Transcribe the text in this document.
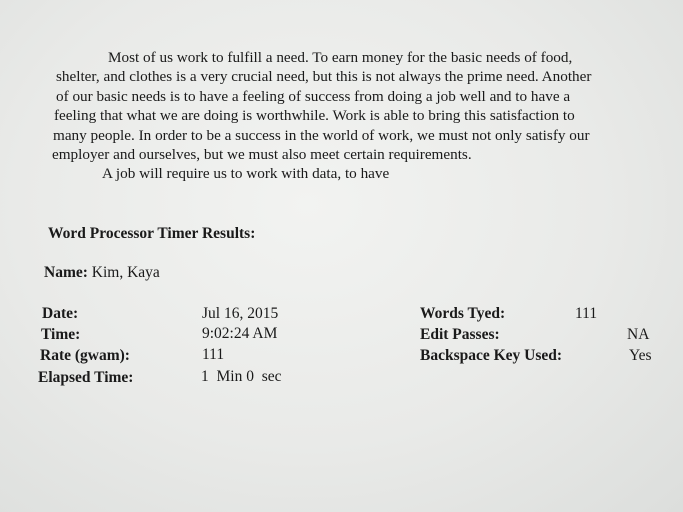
Most of us work to fulfill a need. To earn money for the basic needs of food,
shelter, and clothes is a very crucial need, but this is not always the prime need. Another
of our basic needs is to have a feeling of success from doing a job well and to have a
feeling that what we are doing is worthwhile. Work is able to bring this satisfaction to
many people. In order to be a success in the world of work, we must not only satisfy our
employer and ourselves, but we must also meet certain requirements.
A job will require us to work with data, to have

Word Processor Timer Results:
Name: Kim, Kaya
Date:	Jul 16, 2015
Time:	9:02:24 AM
Rate (gwam):	111
Elapsed Time:	1  Min 0  sec
Words Tyed:	111
Edit Passes:	NA
Backspace Key Used:	Yes
